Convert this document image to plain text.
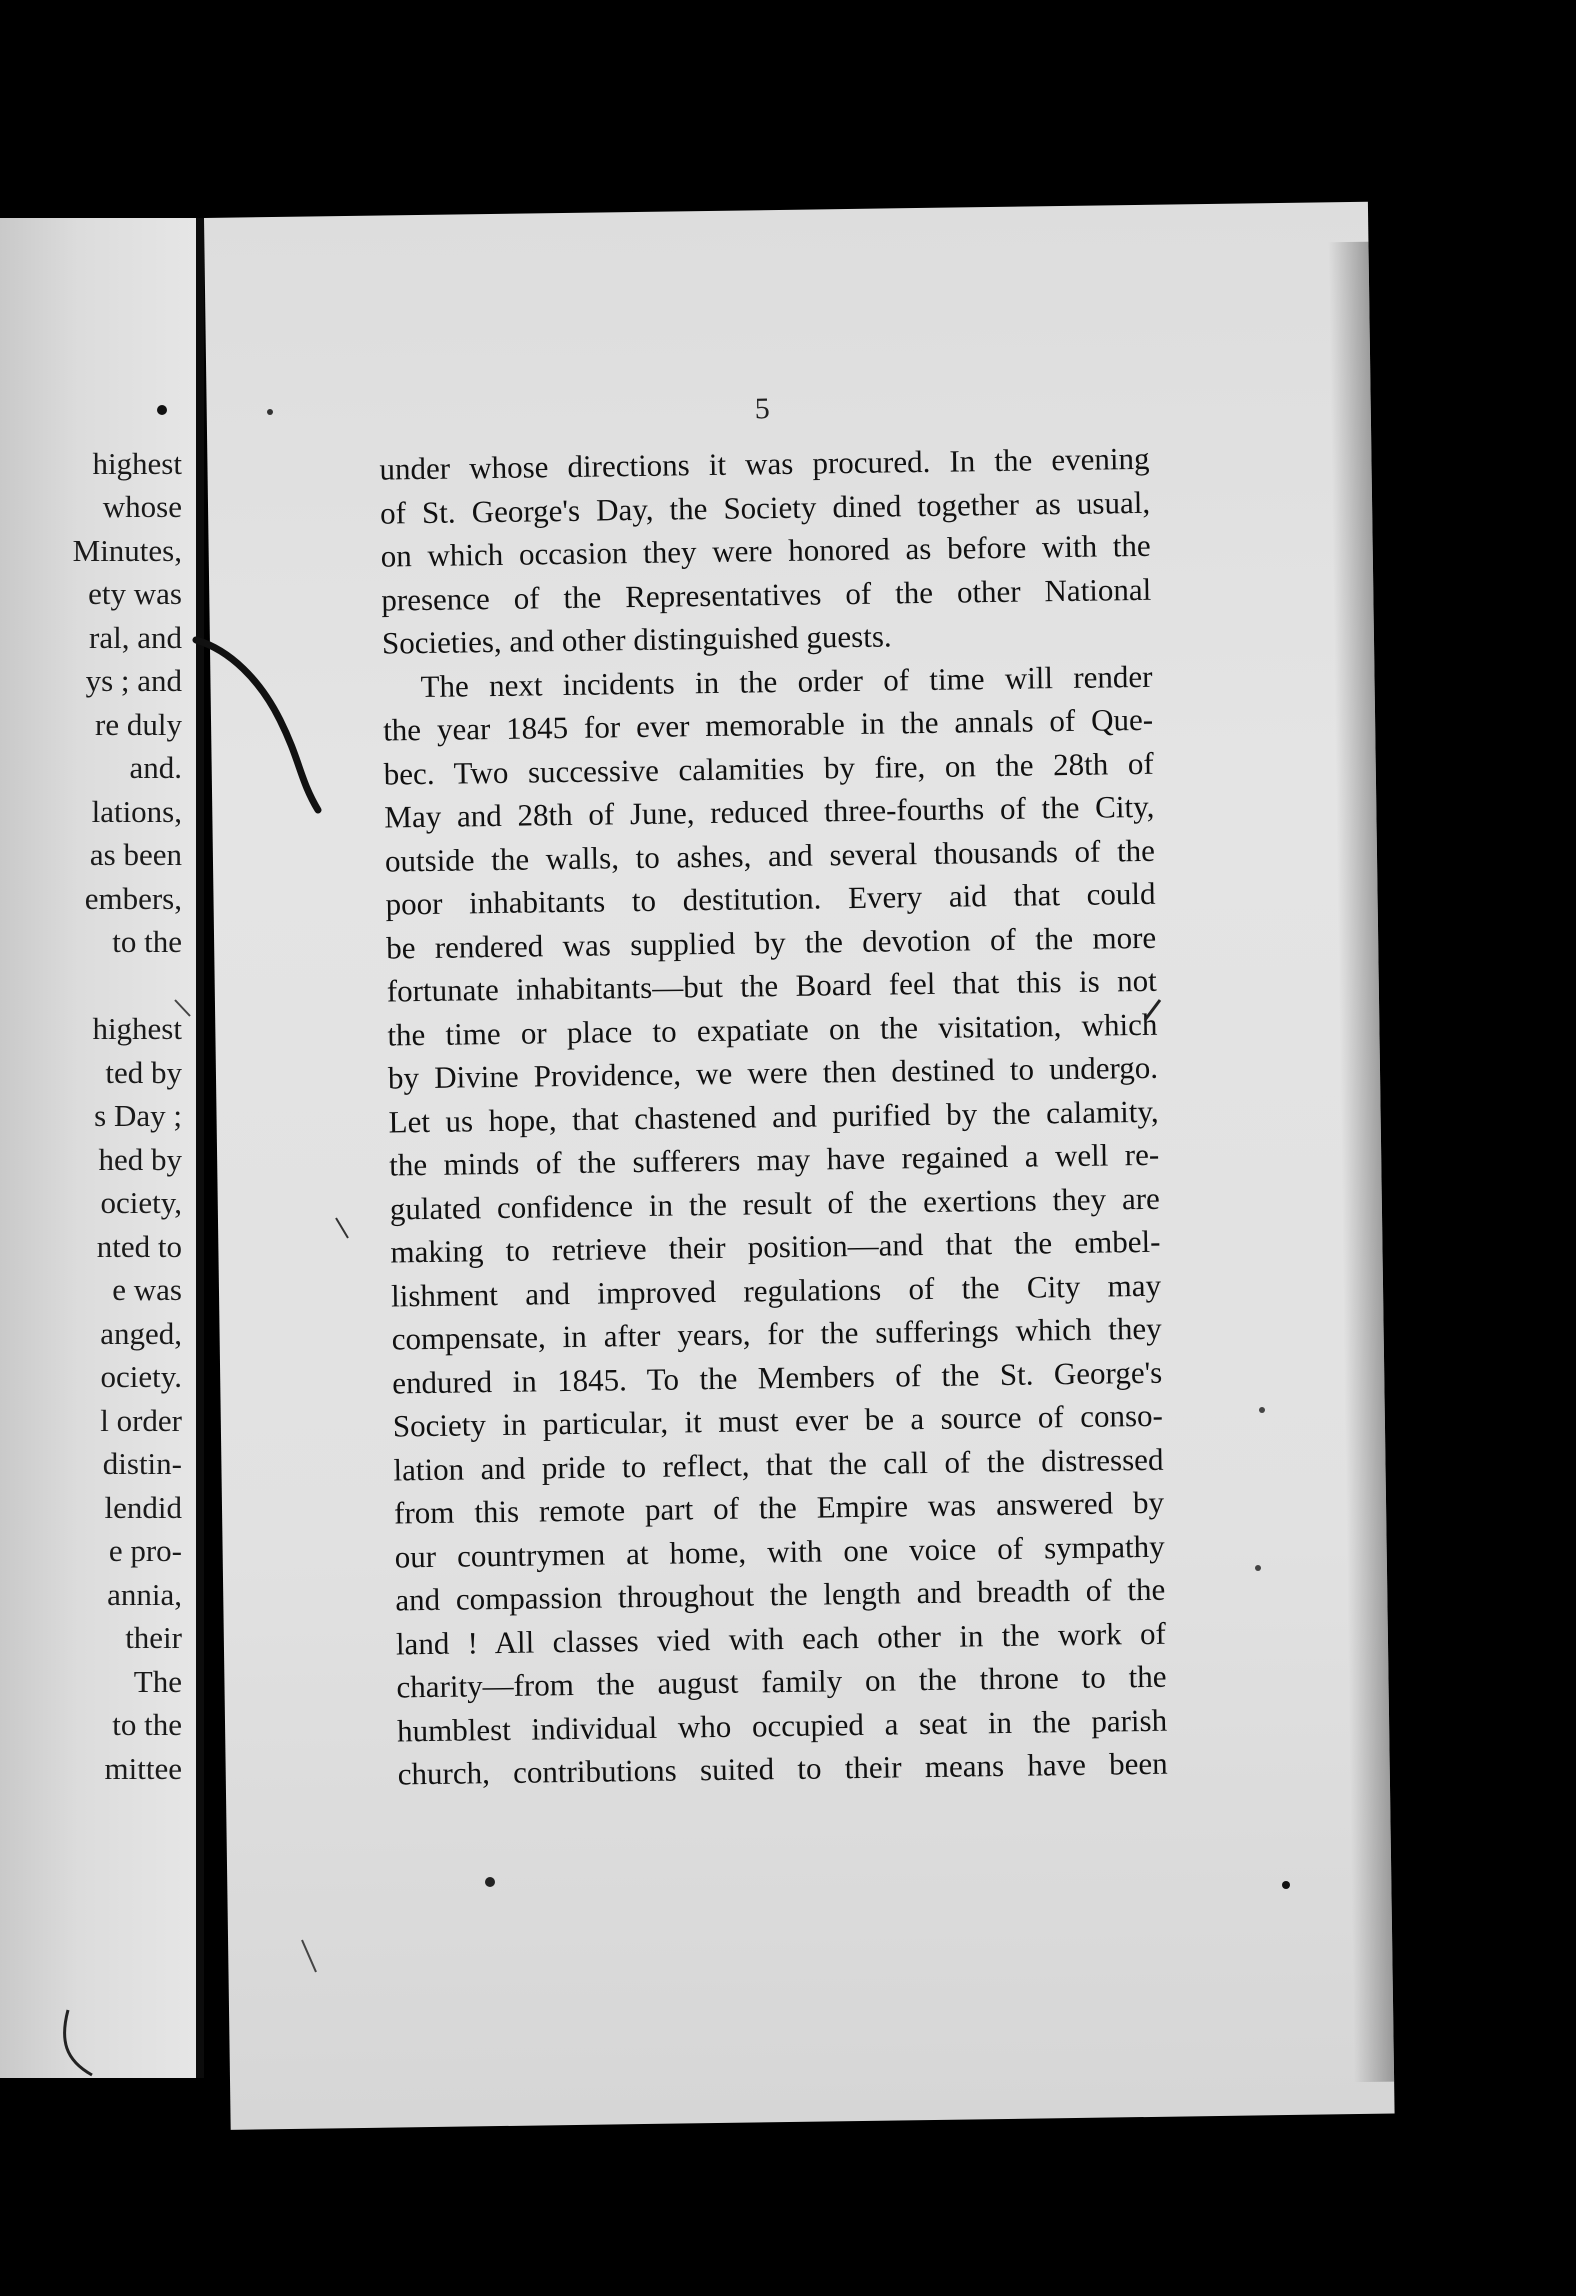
highest
whose
Minutes,
ety was
ral, and
ys ; and
re duly
and.
lations,
as been
embers,
to the
highest
ted by
s Day ;
hed by
ociety,
nted to
e was
anged,
ociety.
l order
distin-
lendid
e pro-
annia,
their
The
to the
mittee
5
under whose directions it was procured. In the evening
of St. George's Day, the Society dined together as usual,
on which occasion they were honored as before with the
presence of the Representatives of the other National
Societies, and other distinguished guests.
The next incidents in the order of time will render
the year 1845 for ever memorable in the annals of Que-
bec. Two successive calamities by fire, on the 28th of
May and 28th of June, reduced three-fourths of the City,
outside the walls, to ashes, and several thousands of the
poor inhabitants to destitution. Every aid that could
be rendered was supplied by the devotion of the more
fortunate inhabitants—but the Board feel that this is not
the time or place to expatiate on the visitation, which
by Divine Providence, we were then destined to undergo.
Let us hope, that chastened and purified by the calamity,
the minds of the sufferers may have regained a well re-
gulated confidence in the result of the exertions they are
making to retrieve their position—and that the embel-
lishment and improved regulations of the City may
compensate, in after years, for the sufferings which they
endured in 1845. To the Members of the St. George's
Society in particular, it must ever be a source of conso-
lation and pride to reflect, that the call of the distressed
from this remote part of the Empire was answered by
our countrymen at home, with one voice of sympathy
and compassion throughout the length and breadth of the
land ! All classes vied with each other in the work of
charity—from the august family on the throne to the
humblest individual who occupied a seat in the parish
church, contributions suited to their means have been
